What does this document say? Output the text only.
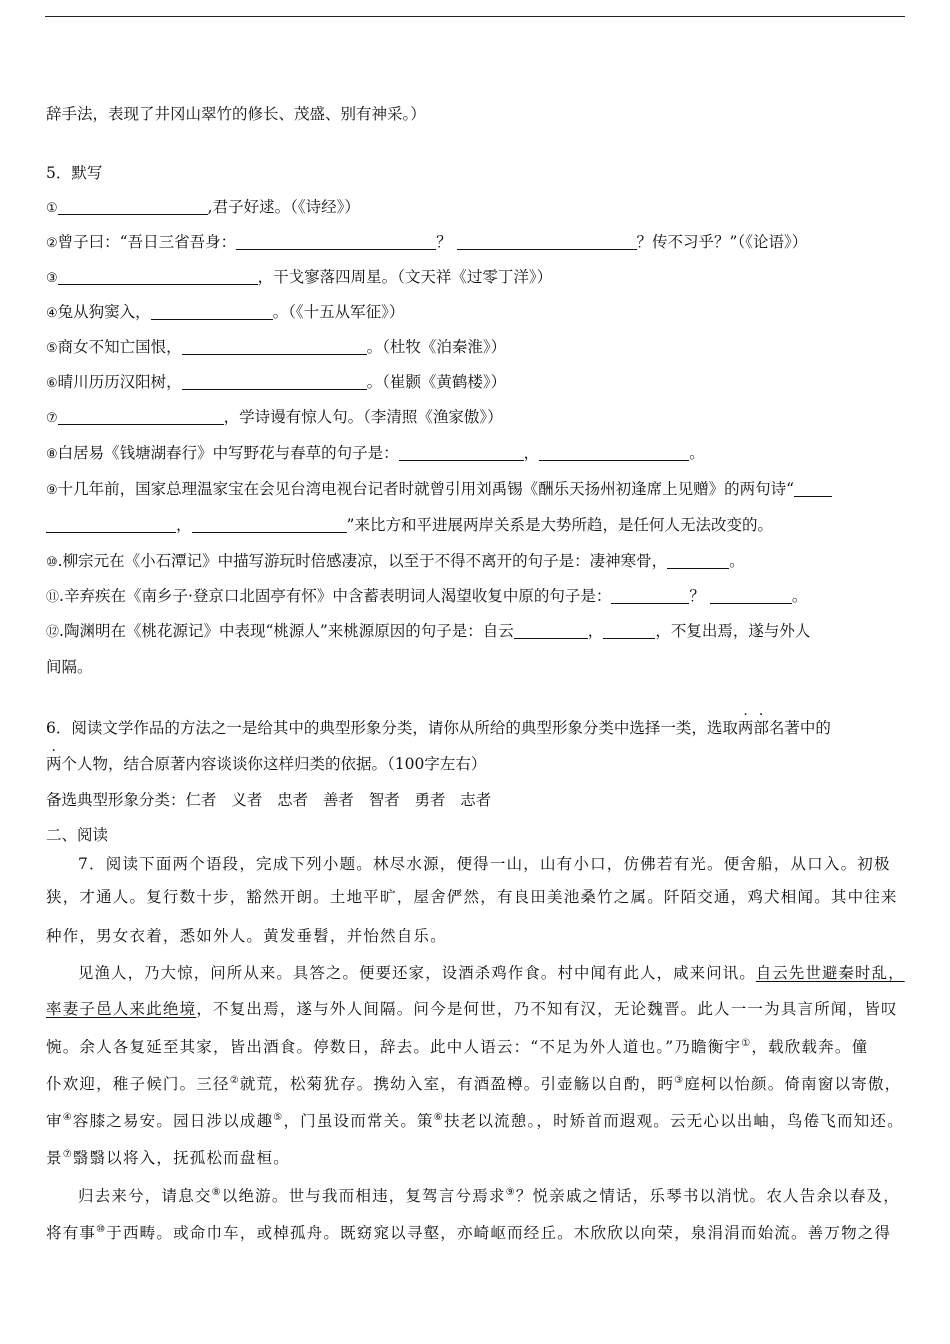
辞手法，表现了井冈山翠竹的修长、茂盛、别有神采。）
5．默写
①	,君子好逑。（《诗经》）
②曾子曰：“吾日三省吾身：	？	？传不习乎？”（《论语》）
③	，干戈寥落四周星。（文天祥《过零丁洋》）
④兔从狗窦入，	。（《十五从军征》）
⑤商女不知亡国恨，	。（杜牧《泊秦淮》）
⑥晴川历历汉阳树，	。（崔颢《黄鹤楼》）
⑦	，学诗谩有惊人句。（李清照《渔家傲》）
⑧白居易《钱塘湖春行》中写野花与春草的句子是：	，	。
⑨十几年前，国家总理温家宝在会见台湾电视台记者时就曾引用刘禹锡《酬乐天扬州初逢席上见赠》的两句诗“
，	”来比方和平进展两岸关系是大势所趋，是任何人无法改变的。
⑩.柳宗元在《小石潭记》中描写游玩时倍感凄凉，以至于不得不离开的句子是：凄神寒骨，	。
⑪.辛弃疾在《南乡子·登京口北固亭有怀》中含蓄表明词人渴望收复中原的句子是：	？	。
⑫.陶渊明在《桃花源记》中表现“桃源人”来桃源原因的句子是：自云	，	，不复出焉，遂与外人
间隔。
6．阅读文学作品的方法之一是给其中的典型形象分类，请你从所给的典型形象分类中选择一类，选取两部名著中的
两个人物，结合原著内容谈谈你这样归类的依据。（100字左右）
备选典型形象分类：仁者 义者 忠者 善者 智者 勇者 志者
二、阅读
7．阅读下面两个语段，完成下列小题。林尽水源，便得一山，山有小口，仿佛若有光。便舍船，从口入。初极
狭，才通人。复行数十步，豁然开朗。土地平旷，屋舍俨然，有良田美池桑竹之属。阡陌交通，鸡犬相闻。其中往来
种作，男女衣着，悉如外人。黄发垂髫，并怡然自乐。
见渔人，乃大惊，问所从来。具答之。便要还家，设酒杀鸡作食。村中闻有此人，咸来问讯。自云先世避秦时乱，
率妻子邑人来此绝境，不复出焉，遂与外人间隔。问今是何世，乃不知有汉，无论魏晋。此人一一为具言所闻，皆叹
惋。余人各复延至其家，皆出酒食。停数日，辞去。此中人语云：“不足为外人道也。”乃瞻衡宇①，载欣载奔。僮
仆欢迎，稚子候门。三径②就荒，松菊犹存。携幼入室，有酒盈樽。引壶觞以自酌，眄③庭柯以怡颜。倚南窗以寄傲，
审④容膝之易安。园日涉以成趣⑤，门虽设而常关。策⑥扶老以流憩。，时矫首而遐观。云无心以出岫，鸟倦飞而知还。
景⑦翳翳以将入，抚孤松而盘桓。
归去来兮，请息交⑧以绝游。世与我而相违，复驾言兮焉求⑨？悦亲戚之情话，乐琴书以消忧。农人告余以春及，
将有事⑩于西畴。或命巾车，或棹孤舟。既窈窕以寻壑，亦崎岖而经丘。木欣欣以向荣，泉涓涓而始流。善万物之得
